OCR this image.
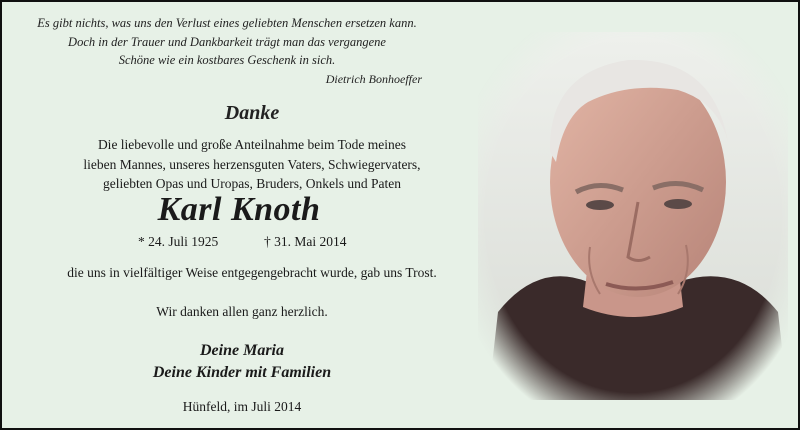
Es gibt nichts, was uns den Verlust eines geliebten Menschen ersetzen kann.
Doch in der Trauer und Dankbarkeit trägt man das vergangene
Schöne wie ein kostbares Geschenk in sich.
Dietrich Bonhoeffer
Danke
Die liebevolle und große Anteilnahme beim Tode meines
lieben Mannes, unseres herzensguten Vaters, Schwiegervaters,
geliebten Opas und Uropas, Bruders, Onkels und Paten
Karl Knoth
* 24. Juli 1925	† 31. Mai 2014
die uns in vielfältiger Weise entgegengebracht wurde, gab uns Trost.
Wir danken allen ganz herzlich.
Deine Maria
Deine Kinder mit Familien
Hünfeld, im Juli 2014
